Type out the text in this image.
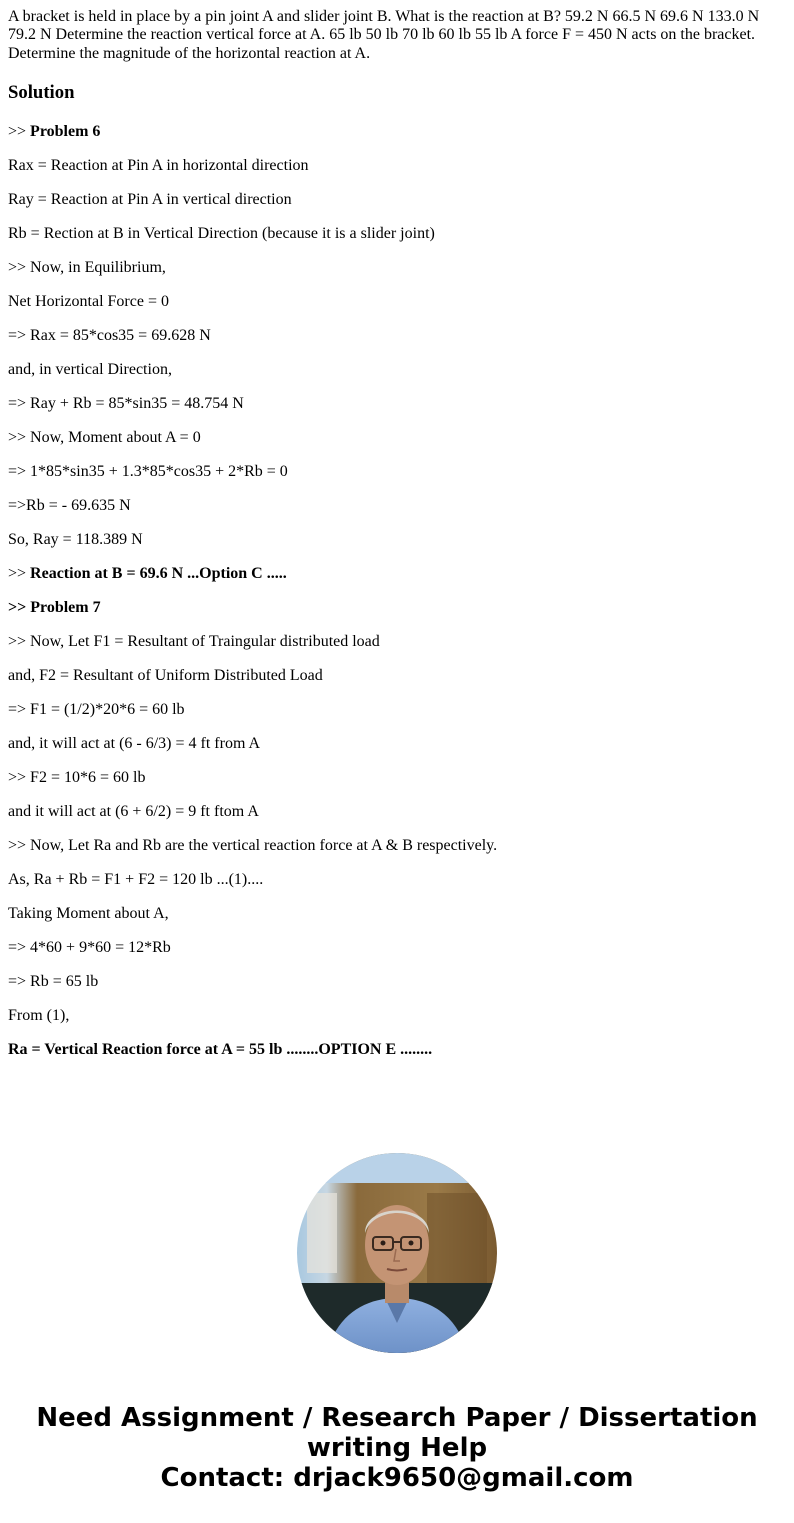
A bracket is held in place by a pin joint A and slider joint B. What is the reaction at B? 59.2 N 66.5 N 69.6 N 133.0 N 79.2 N Determine the reaction vertical force at A. 65 lb 50 lb 70 lb 60 lb 55 lb A force F = 450 N acts on the bracket. Determine the magnitude of the horizontal reaction at A.
Solution
>> Problem 6
Rax = Reaction at Pin A in horizontal direction
Ray = Reaction at Pin A in vertical direction
Rb = Rection at B in Vertical Direction (because it is a slider joint)
>> Now, in Equilibrium,
Net Horizontal Force = 0
=> Rax = 85*cos35 = 69.628 N
and, in vertical Direction,
=> Ray + Rb = 85*sin35 = 48.754 N
>> Now, Moment about A = 0
=> 1*85*sin35 + 1.3*85*cos35 + 2*Rb = 0
=>Rb = - 69.635 N
So, Ray = 118.389 N
>> Reaction at B = 69.6 N ...Option C .....
>> Problem 7
>> Now, Let F1 = Resultant of Traingular distributed load
and, F2 = Resultant of Uniform Distributed Load
=> F1 = (1/2)*20*6 = 60 lb
and, it will act at (6 - 6/3) = 4 ft from A
>> F2 = 10*6 = 60 lb
and it will act at (6 + 6/2) = 9 ft ftom A
>> Now, Let Ra and Rb are the vertical reaction force at A & B respectively.
As, Ra + Rb = F1 + F2 = 120 lb ...(1)....
Taking Moment about A,
=> 4*60 + 9*60 = 12*Rb
=> Rb = 65 lb
From (1),
Ra = Vertical Reaction force at A = 55 lb ........OPTION E ........
Need Assignment / Research Paper / Dissertation
writing Help
Contact: drjack9650@gmail.com
